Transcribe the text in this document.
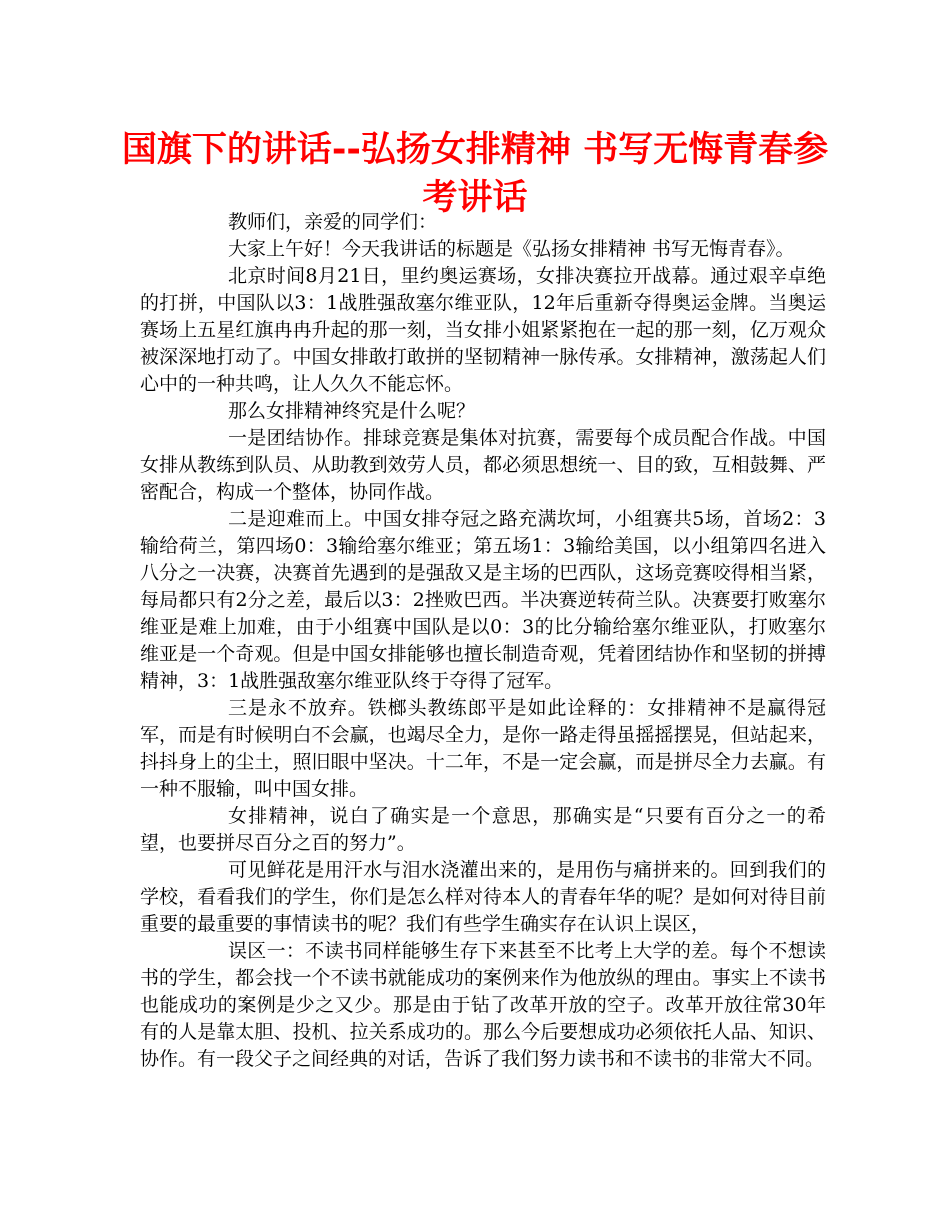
国旗下的讲话--弘扬女排精神 书写无悔青春参考讲话

教师们，亲爱的同学们：

大家上午好！今天我讲话的标题是《弘扬女排精神 书写无悔青春》。

北京时间8月21日，里约奥运赛场，女排决赛拉开战幕。通过艰辛卓绝的打拼，中国队以3：1战胜强敌塞尔维亚队，12年后重新夺得奥运金牌。当奥运赛场上五星红旗冉冉升起的那一刻，当女排小姐紧紧抱在一起的那一刻，亿万观众被深深地打动了。中国女排敢打敢拼的坚韧精神一脉传承。女排精神，激荡起人们心中的一种共鸣，让人久久不能忘怀。

那么女排精神终究是什么呢？

一是团结协作。排球竞赛是集体对抗赛，需要每个成员配合作战。中国女排从教练到队员、从助教到效劳人员，都必须思想统一、目的致，互相鼓舞、严密配合，构成一个整体，协同作战。

二是迎难而上。中国女排夺冠之路充满坎坷，小组赛共5场，首场2：3输给荷兰，第四场0：3输给塞尔维亚；第五场1：3输给美国，以小组第四名进入八分之一决赛，决赛首先遇到的是强敌又是主场的巴西队，这场竞赛咬得相当紧，每局都只有2分之差，最后以3：2挫败巴西。半决赛逆转荷兰队。决赛要打败塞尔维亚是难上加难，由于小组赛中国队是以0：3的比分输给塞尔维亚队，打败塞尔维亚是一个奇观。但是中国女排能够也擅长制造奇观，凭着团结协作和坚韧的拼搏精神，3：1战胜强敌塞尔维亚队终于夺得了冠军。

三是永不放弃。铁榔头教练郎平是如此诠释的：女排精神不是赢得冠军，而是有时候明白不会赢，也竭尽全力，是你一路走得虽摇摇摆晃，但站起来，抖抖身上的尘土，照旧眼中坚决。十二年，不是一定会赢，而是拼尽全力去赢。有一种不服输，叫中国女排。

女排精神，说白了确实是一个意思，那确实是“只要有百分之一的希望，也要拼尽百分之百的努力”。

可见鲜花是用汗水与泪水浇灌出来的，是用伤与痛拼来的。回到我们的学校，看看我们的学生，你们是怎么样对待本人的青春年华的呢？是如何对待目前重要的最重要的事情读书的呢？我们有些学生确实存在认识上误区，

误区一：不读书同样能够生存下来甚至不比考上大学的差。每个不想读书的学生，都会找一个不读书就能成功的案例来作为他放纵的理由。事实上不读书也能成功的案例是少之又少。那是由于钻了改革开放的空子。改革开放往常30年有的人是靠太胆、投机、拉关系成功的。那么今后要想成功必须依托人品、知识、协作。有一段父子之间经典的对话，告诉了我们努力读书和不读书的非常大不同。
